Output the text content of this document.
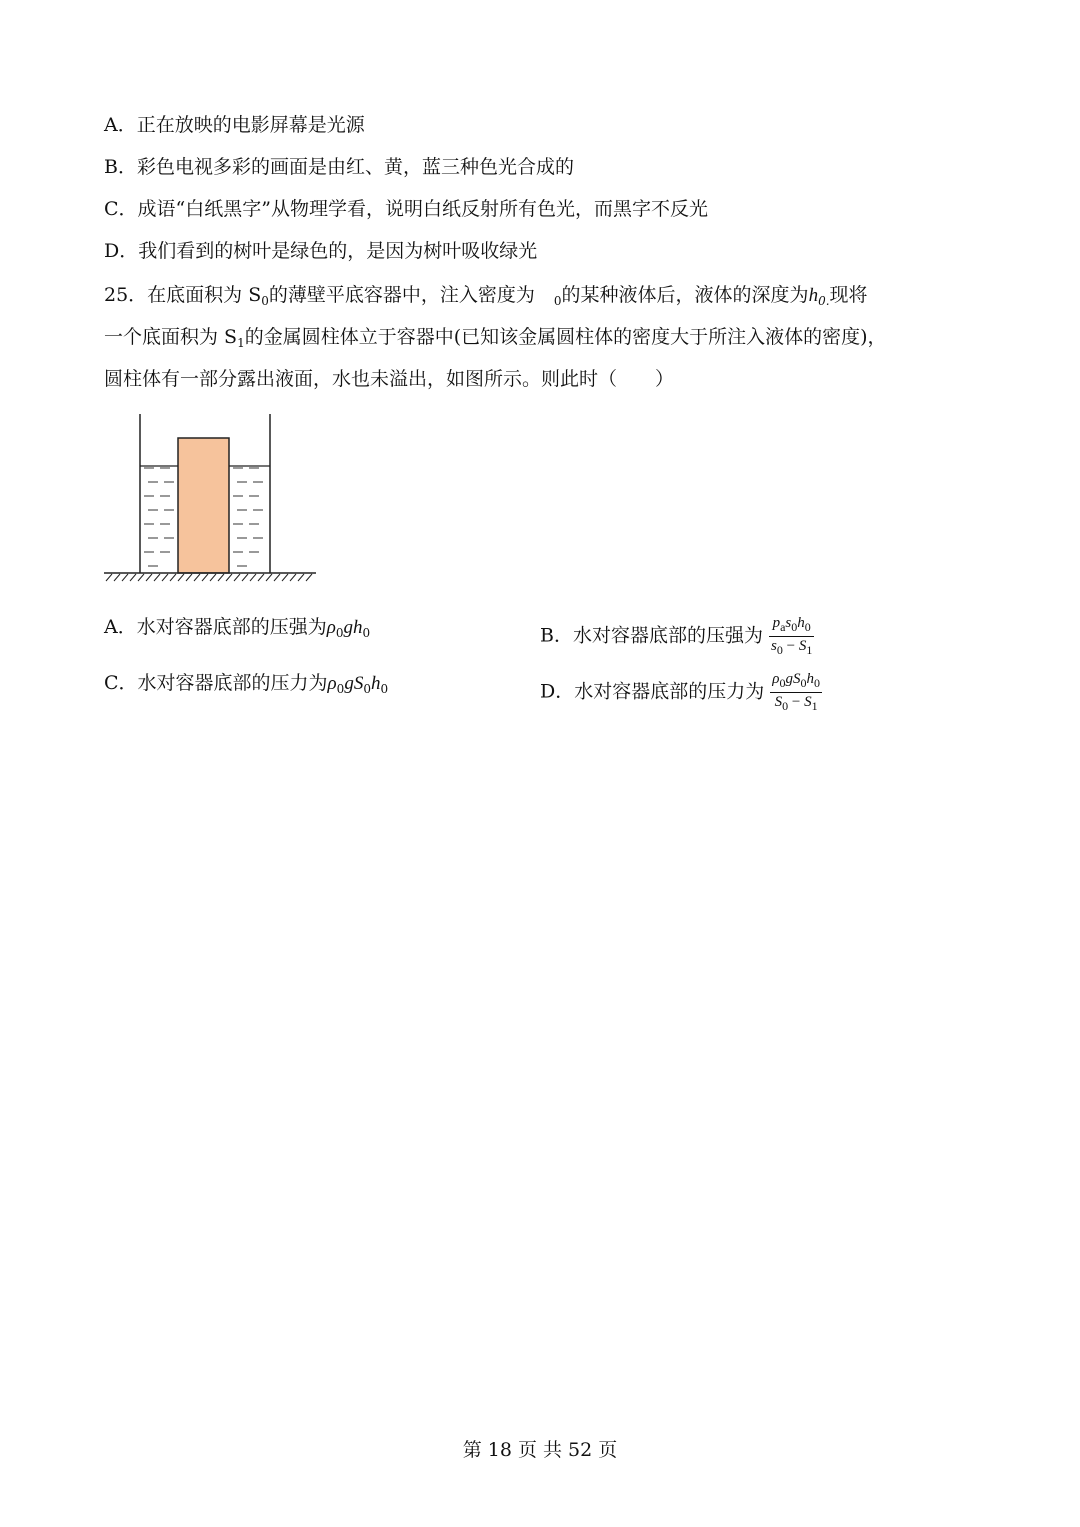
A．正在放映的电影屏幕是光源
B．彩色电视多彩的画面是由红、黄，蓝三种色光合成的
C．成语“白纸黑字”从物理学看，说明白纸反射所有色光，而黑字不反光
D．我们看到的树叶是绿色的，是因为树叶吸收绿光
25．在底面积为 $S_0$的薄壁平底容器中，注入密度为　 $_0$的某种液体后，液体的深度为$h_{0.}$现将
一个底面积为 $S_1$的金属圆柱体立于容器中(已知该金属圆柱体的密度大于所注入液体的密度)，
圆柱体有一部分露出液面，水也未溢出，如图所示。则此时（　　）
A．水对容器底部的压强为$\rho_0gh_0$	B．水对容器底部的压强为 $\frac{p_as_0h_0}{s_0 - S_1}$
C．水对容器底部的压力为$\rho_0gS_0h_0$	D．水对容器底部的压力为 $\frac{\rho_0gS_0h_0}{S_0 - S_1}$
第 18 页 共 52 页
